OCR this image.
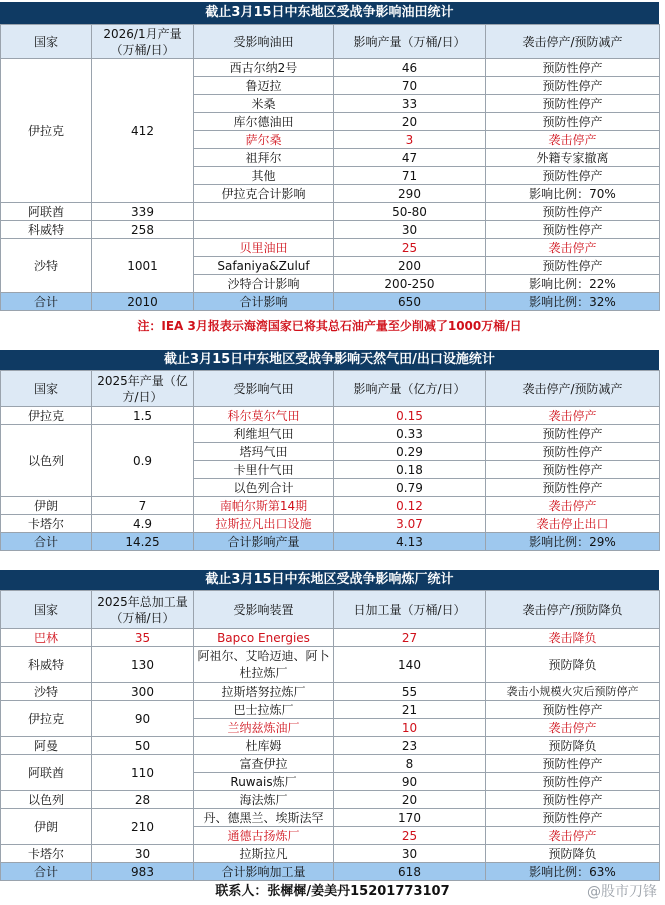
截止3月15日中东地区受战争影响油田统计
国家	2026/1月产量（万桶/日）	受影响油田	影响产量（万桶/日）	袭击停产/预防减产
伊拉克	412	西古尔纳2号	46	预防性停产
		鲁迈拉	70	预防性停产
		米桑	33	预防性停产
		库尔德油田	20	预防性停产
		萨尔桑	3	袭击停产
		祖拜尔	47	外籍专家撤离
		其他	71	预防性停产
		伊拉克合计影响	290	影响比例：70%
阿联酋	339		50-80	预防性停产
科威特	258		30	预防性停产
沙特	1001	贝里油田	25	袭击停产
		Safaniya&Zuluf	200	预防性停产
		沙特合计影响	200-250	影响比例：22%
合计	2010	合计影响	650	影响比例：32%
注：IEA 3月报表示海湾国家已将其总石油产量至少削减了1000万桶/日
截止3月15日中东地区受战争影响天然气田/出口设施统计
国家	2025年产量（亿方/日）	受影响气田	影响产量（亿方/日）	袭击停产/预防减产
伊拉克	1.5	科尔莫尔气田	0.15	袭击停产
以色列	0.9	利维坦气田	0.33	预防性停产
		塔玛气田	0.29	预防性停产
		卡里什气田	0.18	预防性停产
		以色列合计	0.79	预防性停产
伊朗	7	南帕尔斯第14期	0.12	袭击停产
卡塔尔	4.9	拉斯拉凡出口设施	3.07	袭击停止出口
合计	14.25	合计影响产量	4.13	影响比例：29%
截止3月15日中东地区受战争影响炼厂统计
国家	2025年总加工量（万桶/日）	受影响装置	日加工量（万桶/日）	袭击停产/预防降负
巴林	35	Bapco Energies	27	袭击降负
科威特	130	阿祖尔、艾哈迈迪、阿卜杜拉炼厂	140	预防降负
沙特	300	拉斯塔努拉炼厂	55	袭击小规模火灾后预防停产
伊拉克	90	巴士拉炼厂	21	预防性停产
		兰纳兹炼油厂	10	袭击停产
阿曼	50	杜库姆	23	预防降负
阿联酋	110	富查伊拉	8	预防性停产
		Ruwais炼厂	90	预防性停产
以色列	28	海法炼厂	20	预防性停产
伊朗	210	丹、德黑兰、埃斯法罕	170	预防性停产
		通德古扬炼厂	25	袭击停产
卡塔尔	30	拉斯拉凡	30	预防降负
合计	983	合计影响加工量	618	影响比例：63%
联系人：张樨樨/姜美丹15201773107	@股市刀锋
